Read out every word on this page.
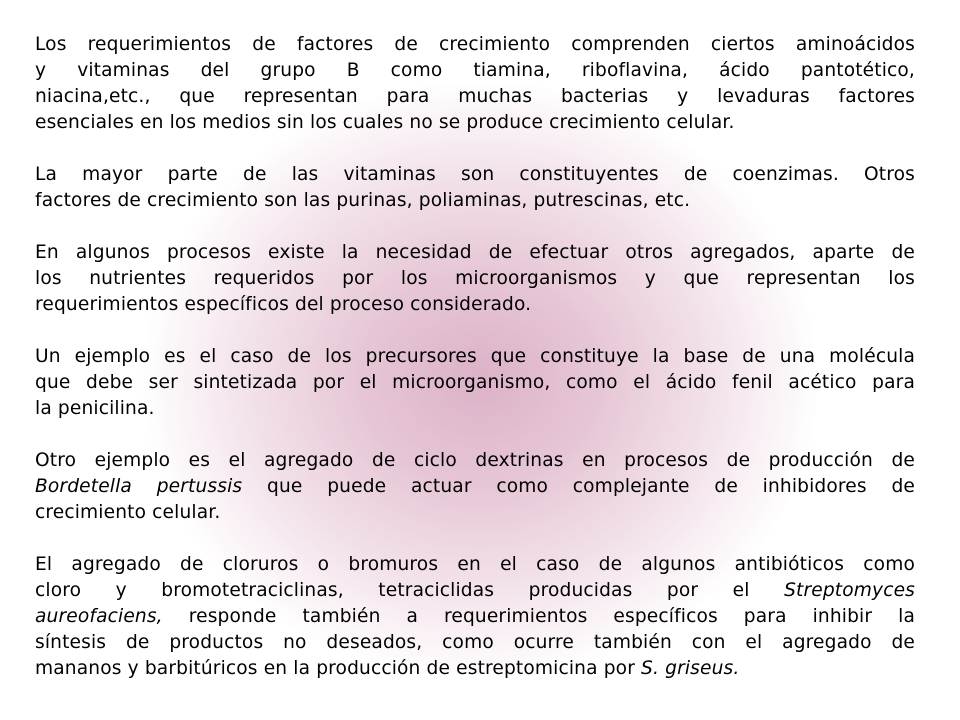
Los requerimientos de factores de crecimiento comprenden ciertos aminoácidos
y vitaminas del grupo B como tiamina, riboflavina, ácido pantotético,
niacina,etc., que representan para muchas bacterias y levaduras factores
esenciales en los medios sin los cuales no se produce crecimiento celular.

La mayor parte de las vitaminas son constituyentes de coenzimas. Otros
factores de crecimiento son las purinas, poliaminas, putrescinas, etc.

En algunos procesos existe la necesidad de efectuar otros agregados, aparte de
los nutrientes requeridos por los microorganismos y que representan los
requerimientos específicos del proceso considerado.

Un ejemplo es el caso de los precursores que constituye la base de una molécula
que debe ser sintetizada por el microorganismo, como el ácido fenil acético para
la penicilina.

Otro ejemplo es el agregado de ciclo dextrinas en procesos de producción de
Bordetella pertussis que puede actuar como complejante de inhibidores de
crecimiento celular.

El agregado de cloruros o bromuros en el caso de algunos antibióticos como
cloro y bromotetraciclinas, tetraciclidas producidas por el Streptomyces
aureofaciens, responde también a requerimientos específicos para inhibir la
síntesis de productos no deseados, como ocurre también con el agregado de
mananos y barbitúricos en la producción de estreptomicina por S. griseus.
